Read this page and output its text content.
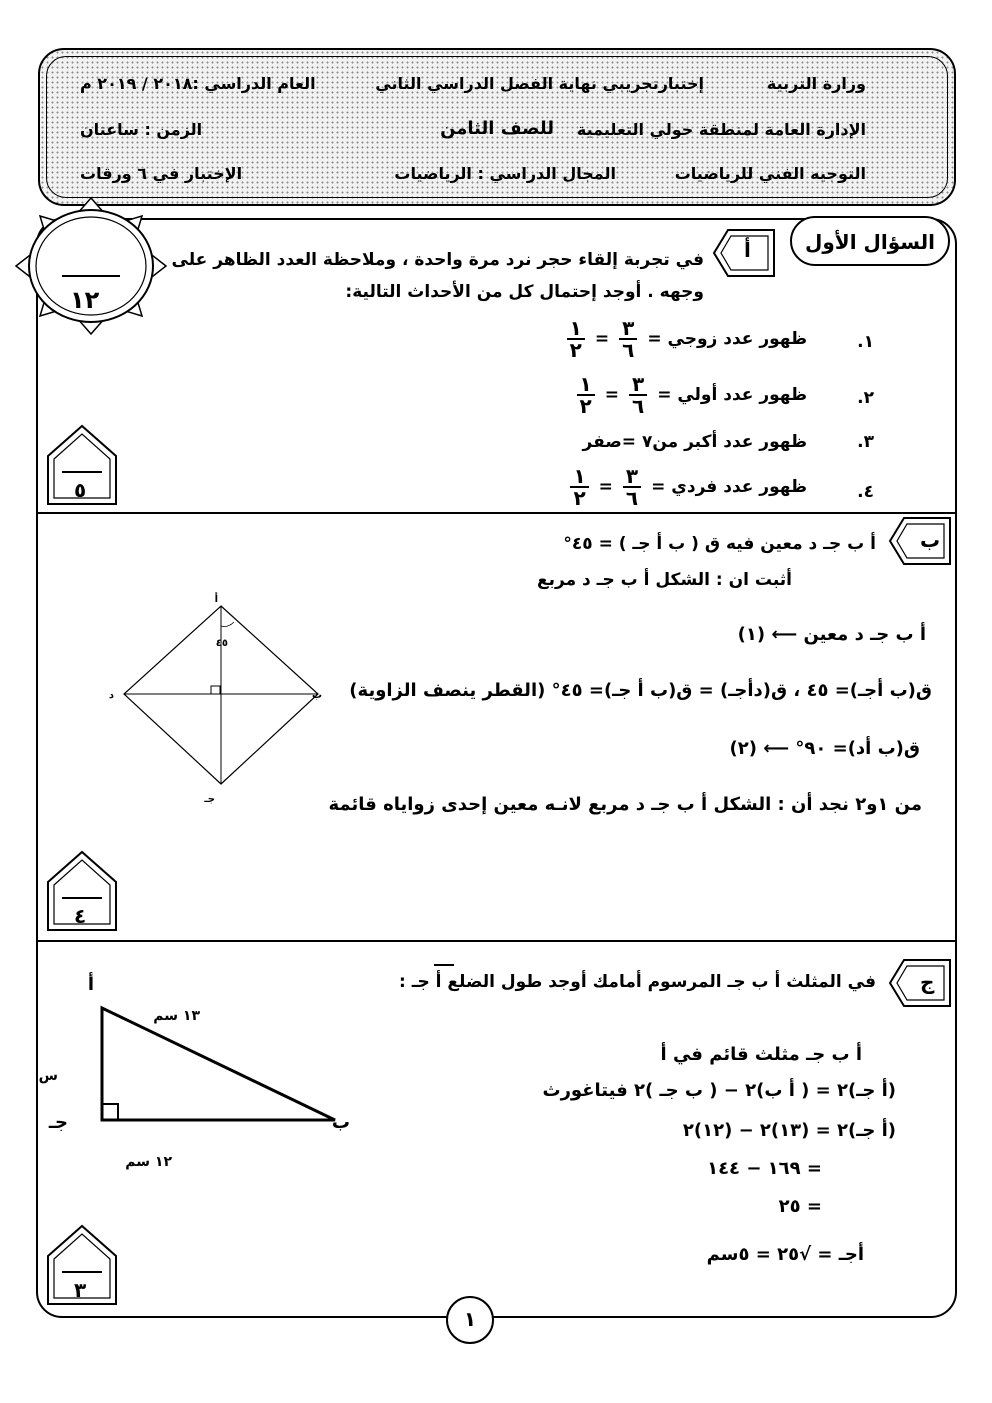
وزارة التربية
إختبارتجريبي نهاية الفصل الدراسي الثاني
العام الدراسي :٢٠١٨ / ٢٠١٩ م
الإدارة العامة لمنطقة حولي التعليمية
للصف الثامن
الزمن : ساعتان
التوجيه الفني للرياضيات
المجال الدراسي : الرياضيات
الإختبار في ٦ ورقات
السؤال الأول
١٢
أ
في تجربة إلقاء حجر نرد مرة واحدة ، وملاحظة العدد الظاهر على
وجهه . أوجد إحتمال كل من الأحداث التالية:
١.
ظهور عدد زوجي =
$\frac{٣}{٦}$
=
$\frac{١}{٢}$
٢.
ظهور عدد أولي =
$\frac{٣}{٦}$
=
$\frac{١}{٢}$
٣.
ظهور عدد أكبر من٧ =صفر
٤.
ظهور عدد فردي =
$\frac{٣}{٦}$
=
$\frac{١}{٢}$
٥
ب
أ ب جـ د معين فيه ق ( ب أ جـ ) = ٤٥°
أثبت ان : الشكل أ ب جـ د مربع
أ ب جـ د معين ⟵ (١)
ق(ب أجـ)= ٤٥ ، ق(دأجـ) = ق(ب أ جـ)= ٤٥° (القطر ينصف الزاوية)
ق(ب أد)= ٩٠° ⟵ (٢)
من ١و٢ نجد أن : الشكل أ ب جـ د مربع لانـه معين إحدى زواياه قائمة
أ
ب
جـ
د
٤٥
٤
ج
في المثلث أ ب جـ المرسوم أمامك أوجد طول الضلع أ جـ :
أ ب جـ مثلث قائم في أ
(أ جـ)٢ = ( أ ب)٢ − ( ب جـ )٢ فيتاغورث
(أ جـ)٢ = (١٣)٢ − (١٢)٢
= ١٦٩ − ١٤٤
= ٢٥
أجـ = √٢٥ = ٥سم
أ
ب
جـ
١٣ سم
١٢ سم
س
٣
١
